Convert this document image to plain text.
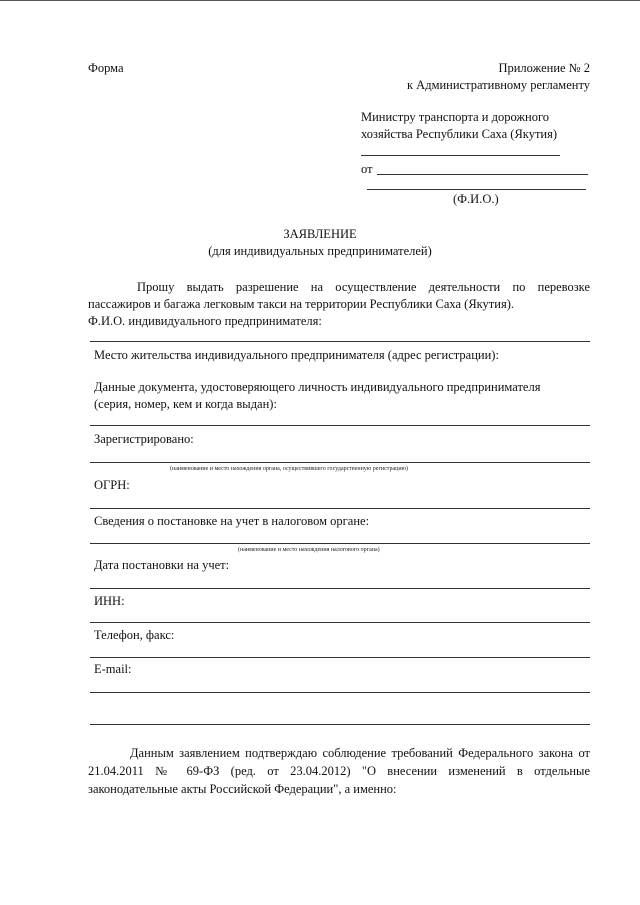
Форма	Приложение № 2
к Административному регламенту
Министру транспорта и дорожного
хозяйства Республики Саха (Якутия)
от
(Ф.И.О.)
ЗАЯВЛЕНИЕ
(для индивидуальных предпринимателей)
Прошу выдать разрешение на осуществление деятельности по перевозке
пассажиров и багажа легковым такси на территории Республики Саха (Якутия).
Ф.И.О. индивидуального предпринимателя:
Место жительства индивидуального предпринимателя (адрес регистрации):
Данные документа, удостоверяющего личность индивидуального предпринимателя
(серия, номер, кем и когда выдан):
Зарегистрировано:
(наименование и место нахождения органа, осуществившего государственную регистрацию)
ОГРН:
Сведения о постановке на учет в налоговом органе:
(наименование и место нахождения налогового органа)
Дата постановки на учет:
ИНН:
Телефон, факс:
E-mail:
Данным заявлением подтверждаю соблюдение требований Федерального закона от
21.04.2011 № 69-ФЗ (ред. от 23.04.2012) "О внесении изменений в отдельные
законодательные акты Российской Федерации", а именно:
